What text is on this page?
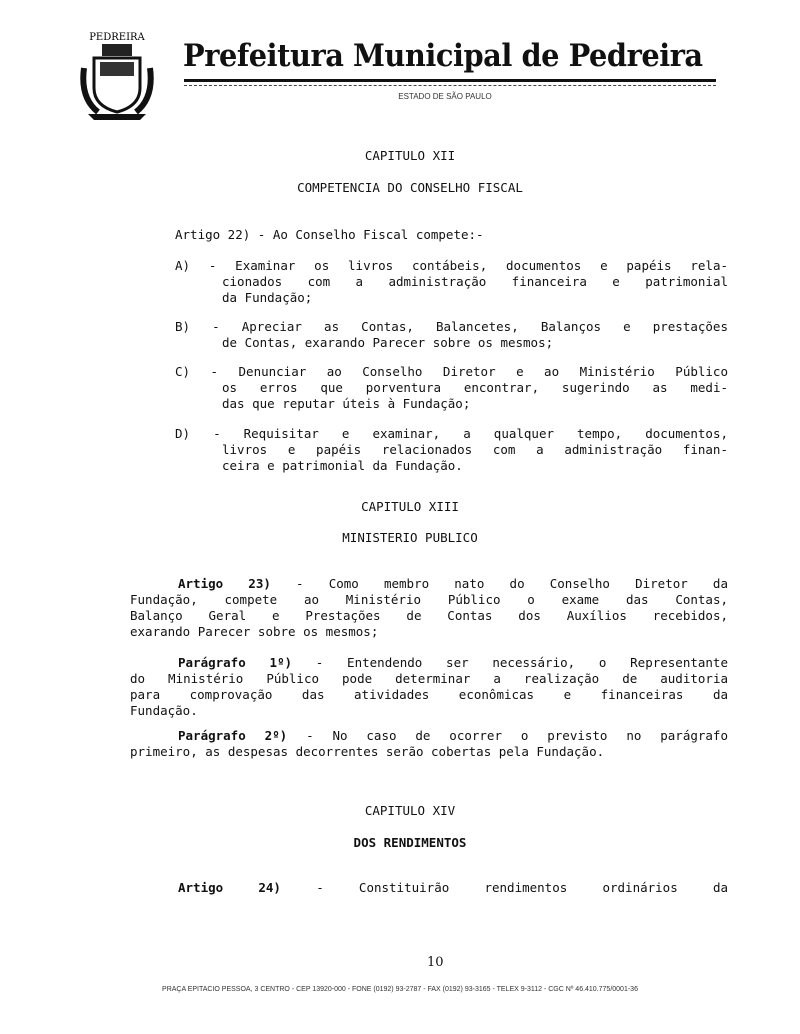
PEDREIRA
Prefeitura Municipal de Pedreira
ESTADO DE SÃO PAULO
CAPITULO XII
COMPETENCIA DO CONSELHO FISCAL
Artigo 22) - Ao Conselho Fiscal compete:-
A) - Examinar os livros contábeis, documentos e papéis rela-
cionados com a administração financeira e patrimonial
da Fundação;
B) - Apreciar as Contas, Balancetes, Balanços e prestações
de Contas, exarando Parecer sobre os mesmos;
C) - Denunciar ao Conselho Diretor e ao Ministério Público
os erros que porventura encontrar, sugerindo as medi-
das que reputar úteis à Fundação;
D) - Requisitar e examinar, a qualquer tempo, documentos,
livros e papéis relacionados com a administração finan-
ceira e patrimonial da Fundação.
CAPITULO XIII
MINISTERIO PUBLICO
Artigo 23) - Como membro nato do Conselho Diretor da
Fundação, compete ao Ministério Público o exame das Contas,
Balanço Geral e Prestações de Contas dos Auxílios recebidos,
exarando Parecer sobre os mesmos;
Parágrafo 1º) - Entendendo ser necessário, o Representante
do Ministério Público pode determinar a realização de auditoria
para comprovação das atividades econômicas e financeiras da
Fundação.
Parágrafo 2º) - No caso de ocorrer o previsto no parágrafo
primeiro, as despesas decorrentes serão cobertas pela Fundação.
CAPITULO XIV
DOS RENDIMENTOS
Artigo 24)	- Constituirão rendimentos ordinários da
10
PRAÇA EPITACIO PESSOA, 3 CENTRO - CEP 13920-000 - FONE (0192) 93-2787 - FAX (0192) 93-3165 - TELEX 9-3112 - CGC Nº 46.410.775/0001-36
